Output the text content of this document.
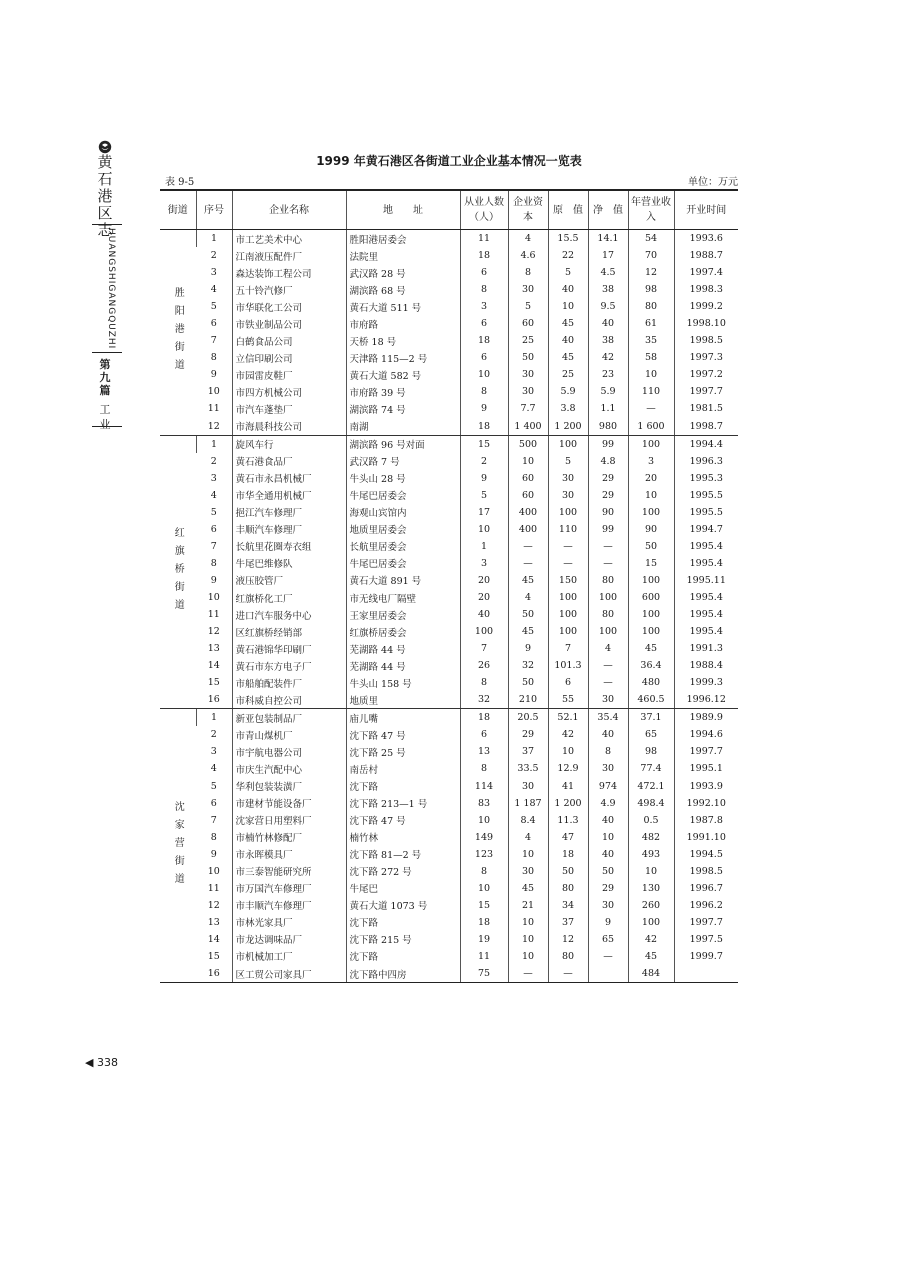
黄石港区志
HUANGSHIGANGQUZHI
第九篇
工业
1999 年黄石港区各街道工业企业基本情况一览表
表 9-5	单位：万元
街道	序号	企业名称	地　　址	从业人数（人）	企业资本	原　值	净　值	年营业收入	开业时间
胜阳港街道	1	市工艺美术中心	胜阳港居委会	11	4	15.5	14.1	54	1993.6
	2	江南液压配件厂	法院里	18	4.6	22	17	70	1988.7
	3	森达装饰工程公司	武汉路 28 号	6	8	5	4.5	12	1997.4
	4	五十铃汽修厂	湖滨路 68 号	8	30	40	38	98	1998.3
	5	市华联化工公司	黄石大道 511 号	3	5	10	9.5	80	1999.2
	6	市铁业制品公司	市府路	6	60	45	40	61	1998.10
	7	白鹤食品公司	天桥 18 号	18	25	40	38	35	1998.5
	8	立信印刷公司	天津路 115—2 号	6	50	45	42	58	1997.3
	9	市园雷皮鞋厂	黄石大道 582 号	10	30	25	23	10	1997.2
	10	市四方机械公司	市府路 39 号	8	30	5.9	5.9	110	1997.7
	11	市汽车蓬垫厂	湖滨路 74 号	9	7.7	3.8	1.1	—	1981.5
	12	市海晨科技公司	南湖	18	1 400	1 200	980	1 600	1998.7
红旗桥街道	1	旋风车行	湖滨路 96 号对面	15	500	100	99	100	1994.4
	2	黄石港食品厂	武汉路 7 号	2	10	5	4.8	3	1996.3
	3	黄石市永昌机械厂	牛头山 28 号	9	60	30	29	20	1995.3
	4	市华全通用机械厂	牛尾巴居委会	5	60	30	29	10	1995.5
	5	挹江汽车修理厂	海观山宾馆内	17	400	100	90	100	1995.5
	6	丰顺汽车修理厂	地质里居委会	10	400	110	99	90	1994.7
	7	长航里花圈寿衣组	长航里居委会	1	—	—	—	50	1995.4
	8	牛尾巴维修队	牛尾巴居委会	3	—	—	—	15	1995.4
	9	液压胶管厂	黄石大道 891 号	20	45	150	80	100	1995.11
	10	红旗桥化工厂	市无线电厂隔壁	20	4	100	100	600	1995.4
	11	进口汽车服务中心	王家里居委会	40	50	100	80	100	1995.4
	12	区红旗桥经销部	红旗桥居委会	100	45	100	100	100	1995.4
	13	黄石港锦华印刷厂	芜湖路 44 号	7	9	7	4	45	1991.3
	14	黄石市东方电子厂	芜湖路 44 号	26	32	101.3	—	36.4	1988.4
	15	市船舶配装件厂	牛头山 158 号	8	50	6	—	480	1999.3
	16	市科威自控公司	地质里	32	210	55	30	460.5	1996.12
沈家营街道	1	新亚包装制品厂	庙儿嘴	18	20.5	52.1	35.4	37.1	1989.9
	2	市青山煤机厂	沈下路 47 号	6	29	42	40	65	1994.6
	3	市宇航电器公司	沈下路 25 号	13	37	10	8	98	1997.7
	4	市庆生汽配中心	南岳村	8	33.5	12.9	30	77.4	1995.1
	5	华利包装装潢厂	沈下路	114	30	41	974	472.1	1993.9
	6	市建材节能设备厂	沈下路 213—1 号	83	1 187	1 200	4.9	498.4	1992.10
	7	沈家营日用塑料厂	沈下路 47 号	10	8.4	11.3	40	0.5	1987.8
	8	市楠竹林修配厂	楠竹林	149	4	47	10	482	1991.10
	9	市永晖模具厂	沈下路 81—2 号	123	10	18	40	493	1994.5
	10	市三泰智能研究所	沈下路 272 号	8	30	50	50	10	1998.5
	11	市万国汽车修理厂	牛尾巴	10	45	80	29	130	1996.7
	12	市丰顺汽车修理厂	黄石大道 1073 号	15	21	34	30	260	1996.2
	13	市林光家具厂	沈下路	18	10	37	9	100	1997.7
	14	市龙达调味品厂	沈下路 215 号	19	10	12	65	42	1997.5
	15	市机械加工厂	沈下路	11	10	80	—	45	1999.7
	16	区工贸公司家具厂	沈下路中四房	75	—	—		484	
◀ 338
